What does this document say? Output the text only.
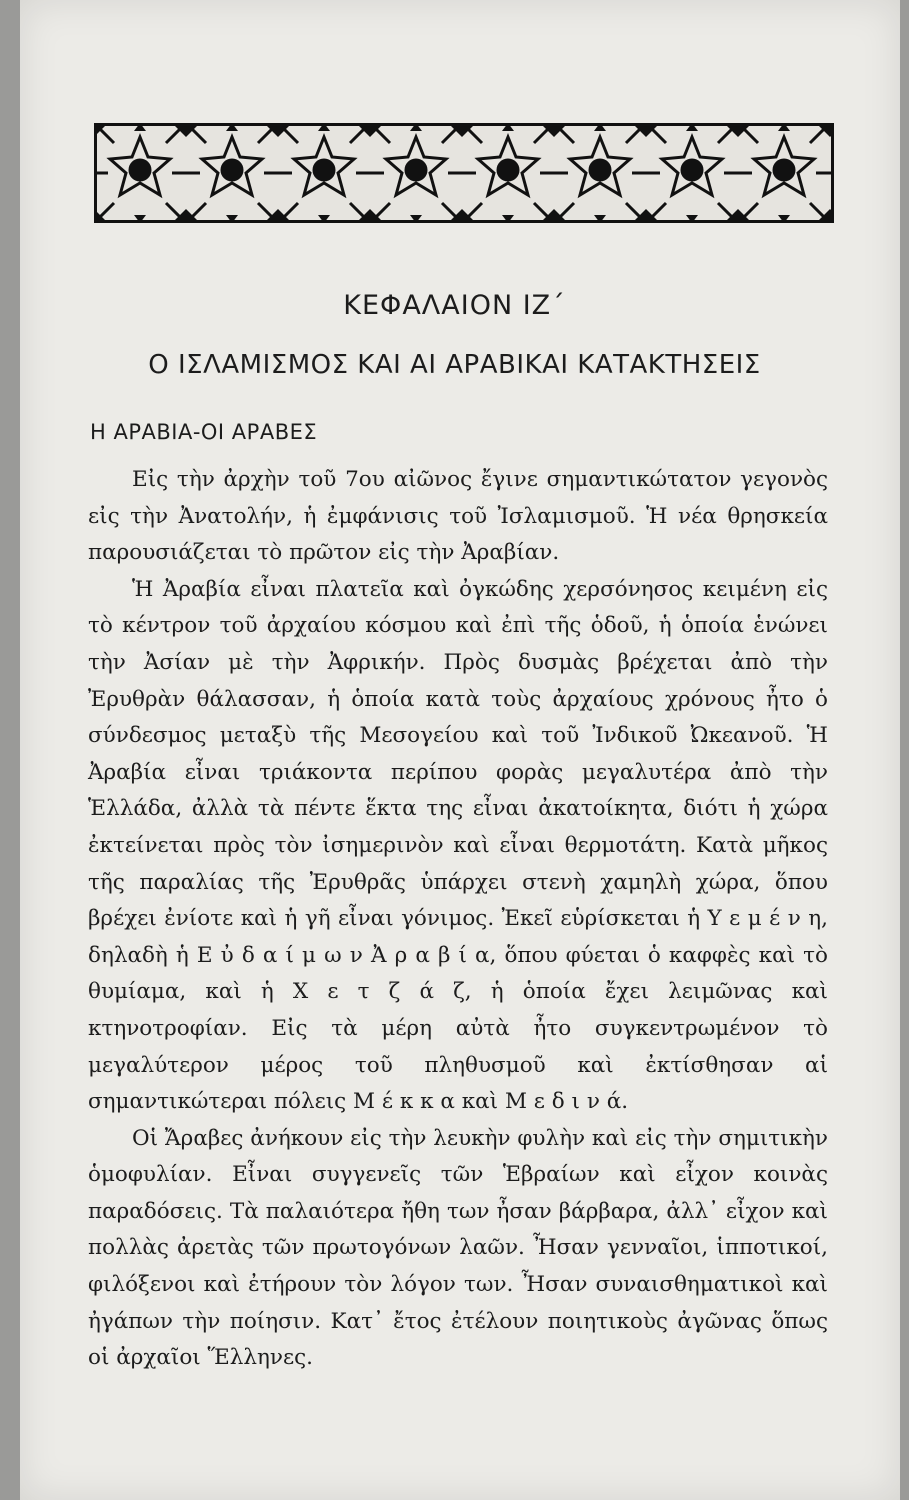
ΚΕΦΑΛΑΙΟΝ ΙΖ΄
Ο ΙΣΛΑΜΙΣΜΟΣ ΚΑΙ ΑΙ ΑΡΑΒΙΚΑΙ ΚΑΤΑΚΤΗΣΕΙΣ
Η ΑΡΑΒΙΑ-ΟΙ ΑΡΑΒΕΣ

Εἰς τὴν ἀρχὴν τοῦ 7ου αἰῶνος ἔγινε σημαντικώτατον γεγονὸς εἰς τὴν Ἀνατολήν, ἡ ἐμφάνισις τοῦ Ἰσλαμισμοῦ. Ἡ νέα θρησκεία παρουσιάζεται τὸ πρῶτον εἰς τὴν Ἀραβίαν.

Ἡ Ἀραβία εἶναι πλατεῖα καὶ ὀγκώδης χερσόνησος κειμένη εἰς τὸ κέντρον τοῦ ἀρχαίου κόσμου καὶ ἐπὶ τῆς ὁδοῦ, ἡ ὁποία ἑνώνει τὴν Ἀσίαν μὲ τὴν Ἀφρικήν. Πρὸς δυσμὰς βρέχεται ἀπὸ τὴν Ἐρυθρὰν θάλασσαν, ἡ ὁποία κατὰ τοὺς ἀρχαίους χρόνους ἦτο ὁ σύνδεσμος μεταξὺ τῆς Μεσογείου καὶ τοῦ Ἰνδικοῦ Ὠκεανοῦ. Ἡ Ἀραβία εἶναι τριάκοντα περίπου φορὰς μεγαλυτέρα ἀπὸ τὴν Ἑλλάδα, ἀλλὰ τὰ πέντε ἕκτα της εἶναι ἀκατοίκητα, διότι ἡ χώρα ἐκτείνεται πρὸς τὸν ἰσημερινὸν καὶ εἶναι θερμοτάτη. Κατὰ μῆκος τῆς παραλίας τῆς Ἐρυθρᾶς ὑπάρχει στενὴ χαμηλὴ χώρα, ὅπου βρέχει ἐνίοτε καὶ ἡ γῆ εἶναι γόνιμος. Ἐκεῖ εὑρίσκεται ἡ Υ ε μ έ ν η, δηλαδὴ ἡ Ε ὐ δ α ί μ ω ν Ἀ ρ α β ί α, ὅπου φύεται ὁ καφφὲς καὶ τὸ θυμίαμα, καὶ ἡ Χ ε τ ζ ά ζ, ἡ ὁποία ἔχει λειμῶνας καὶ κτηνοτροφίαν. Εἰς τὰ μέρη αὐτὰ ἦτο συγκεντρωμένον τὸ μεγαλύτερον μέρος τοῦ πληθυσμοῦ καὶ ἐκτίσθησαν αἱ σημαντικώτεραι πόλεις Μ έ κ κ α καὶ Μ ε δ ι ν ά.

Οἱ Ἄραβες ἀνήκουν εἰς τὴν λευκὴν φυλὴν καὶ εἰς τὴν σημιτικὴν ὁμοφυλίαν. Εἶναι συγγενεῖς τῶν Ἑβραίων καὶ εἶχον κοινὰς παραδόσεις. Τὰ παλαιότερα ἤθη των ἦσαν βάρβαρα, ἀλλ᾽ εἶχον καὶ πολλὰς ἀρετὰς τῶν πρωτογόνων λαῶν. Ἦσαν γενναῖοι, ἱπποτικοί, φιλόξενοι καὶ ἐτήρουν τὸν λόγον των. Ἦσαν συναισθηματικοὶ καὶ ἠγάπων τὴν ποίησιν. Κατ᾽ ἔτος ἐτέλουν ποιητικοὺς ἀγῶνας ὅπως οἱ ἀρχαῖοι Ἕλληνες.
